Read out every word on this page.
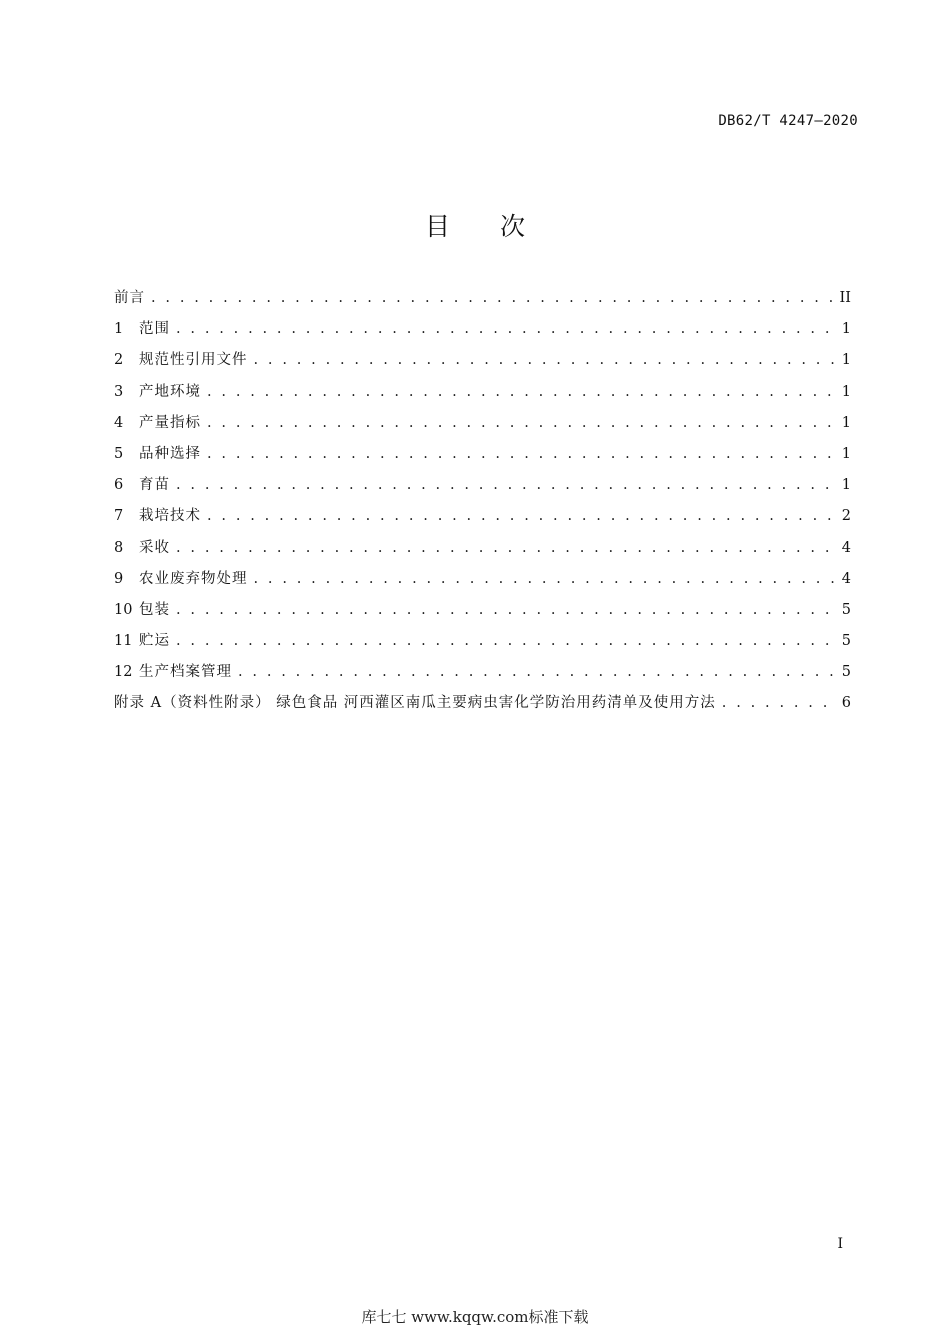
DB62/T 4247—2020
目次
前言 . . .	II
1	范围 . . .	1
2	规范性引用文件 . . .	1
3	产地环境 . . .	1
4	产量指标 . . .	1
5	品种选择 . . .	1
6	育苗 . . .	1
7	栽培技术 . . .	2
8	采收 . . .	4
9	农业废弃物处理 . . .	4
10 包装 . . .	5
11 贮运 . . .	5
12 生产档案管理 . . .	5
附录 A（资料性附录） 绿色食品 河西灌区南瓜主要病虫害化学防治用药清单及使用方法 . . .	6
I
库七七 www.kqqw.com标准下载
